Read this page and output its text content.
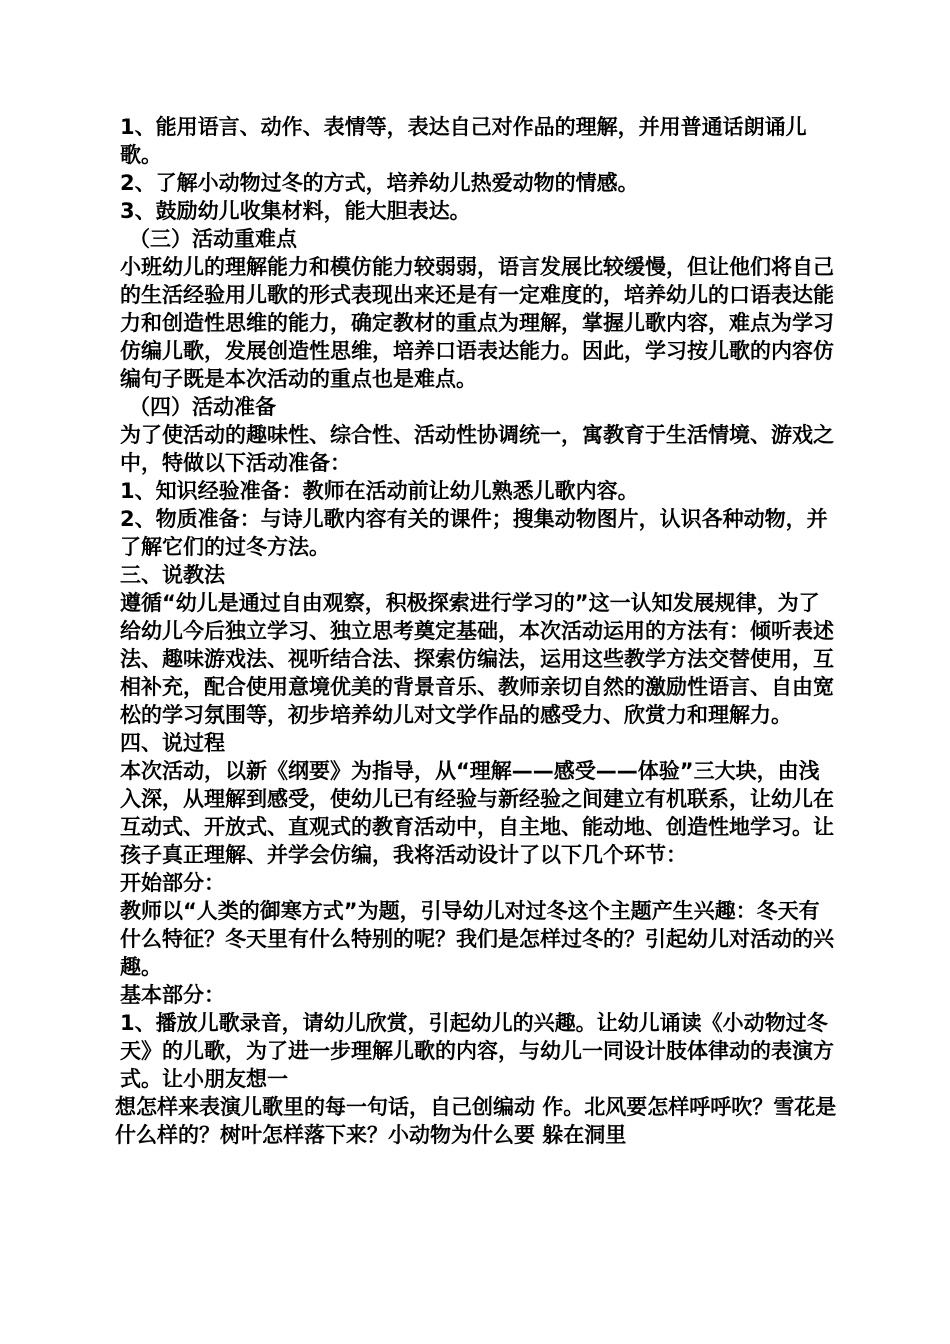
1、能用语言、动作、表情等，表达自己对作品的理解，并用普通话朗诵儿歌。

2、了解小动物过冬的方式，培养幼儿热爱动物的情感。

3、鼓励幼儿收集材料，能大胆表达。

（三）活动重难点

小班幼儿的理解能力和模仿能力较弱弱，语言发展比较缓慢，但让他们将自己的生活经验用儿歌的形式表现出来还是有一定难度的，培养幼儿的口语表达能力和创造性思维的能力，确定教材的重点为理解，掌握儿歌内容，难点为学习仿编儿歌，发展创造性思维，培养口语表达能力。因此，学习按儿歌的内容仿编句子既是本次活动的重点也是难点。

（四）活动准备

为了使活动的趣味性、综合性、活动性协调统一，寓教育于生活情境、游戏之中，特做以下活动准备：

1、知识经验准备：教师在活动前让幼儿熟悉儿歌内容。

2、物质准备：与诗儿歌内容有关的课件；搜集动物图片，认识各种动物，并了解它们的过冬方法。

三、说教法

遵循“幼儿是通过自由观察，积极探索进行学习的”这一认知发展规律，为了给幼儿今后独立学习、独立思考奠定基础，本次活动运用的方法有：倾听表述法、趣味游戏法、视听结合法、探索仿编法，运用这些教学方法交替使用，互相补充，配合使用意境优美的背景音乐、教师亲切自然的激励性语言、自由宽松的学习氛围等，初步培养幼儿对文学作品的感受力、欣赏力和理解力。

四、说过程

本次活动，以新《纲要》为指导，从“理解——感受——体验”三大块，由浅入深，从理解到感受，使幼儿已有经验与新经验之间建立有机联系，让幼儿在互动式、开放式、直观式的教育活动中，自主地、能动地、创造性地学习。让孩子真正理解、并学会仿编，我将活动设计了以下几个环节：

开始部分：

教师以“人类的御寒方式”为题，引导幼儿对过冬这个主题产生兴趣：冬天有什么特征？冬天里有什么特别的呢？我们是怎样过冬的？引起幼儿对活动的兴趣。

基本部分：

1、播放儿歌录音，请幼儿欣赏，引起幼儿的兴趣。让幼儿诵读《小动物过冬天》的儿歌，为了进一步理解儿歌的内容，与幼儿一同设计肢体律动的表演方式。让小朋友想一

想怎样来表演儿歌里的每一句话，自己创编动 作。北风要怎样呼呼吹？雪花是什么样的？树叶怎样落下来？小动物为什么要 躲在洞里
